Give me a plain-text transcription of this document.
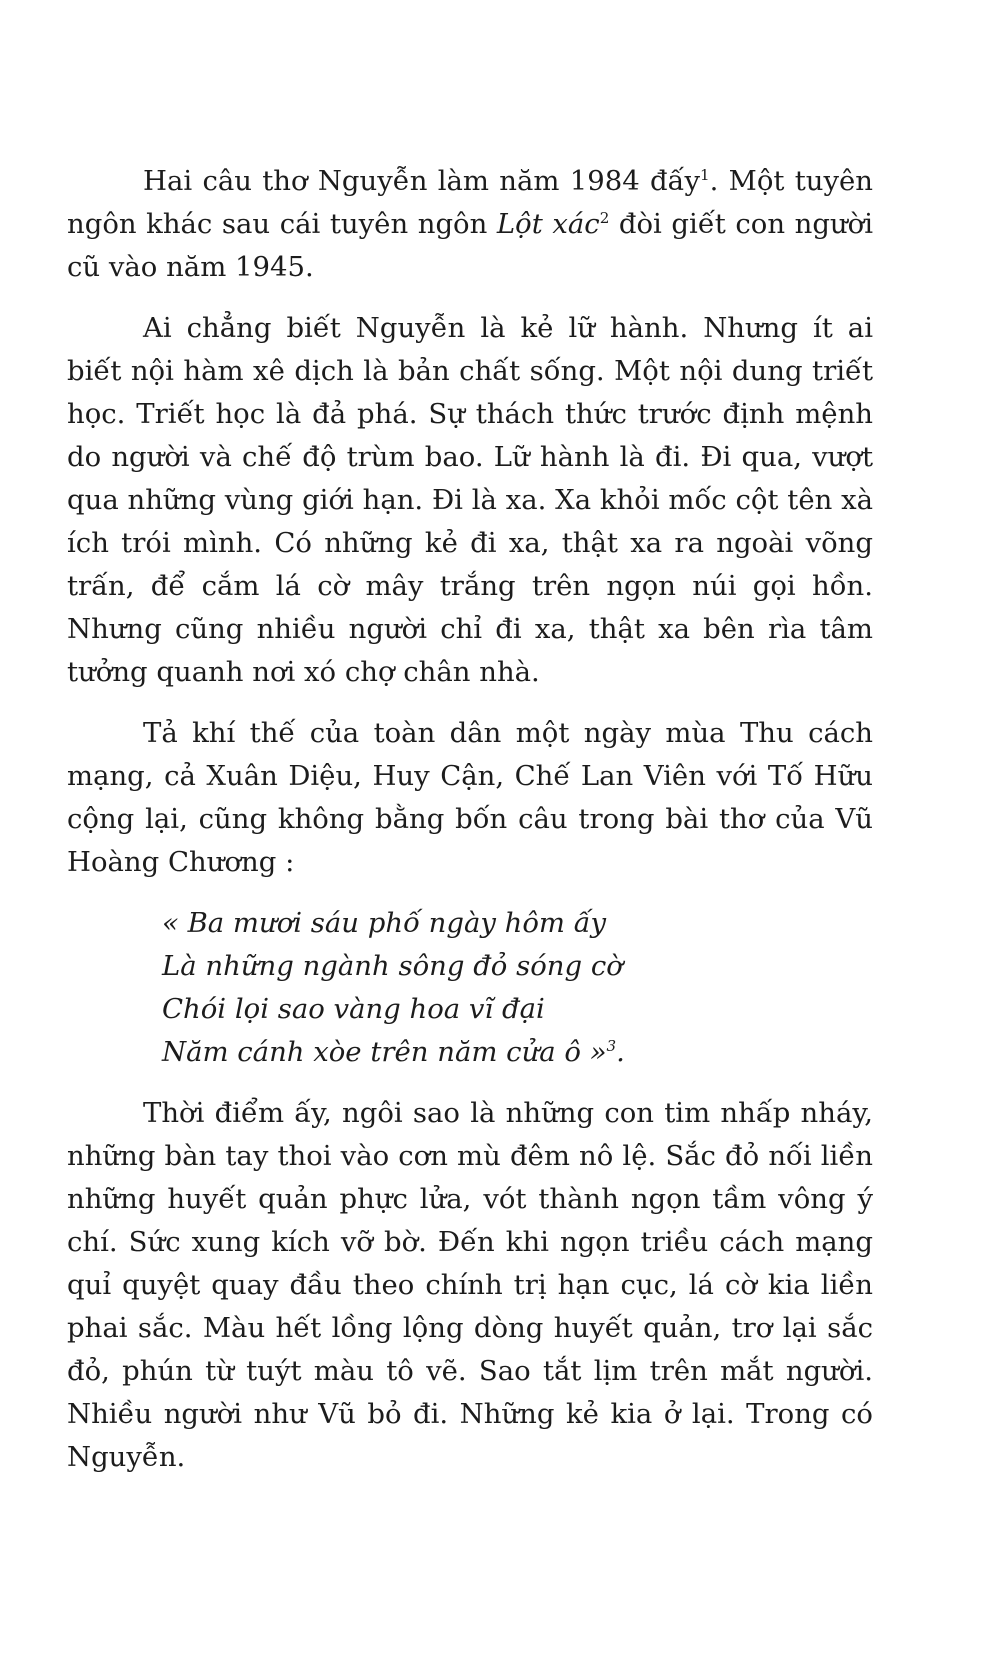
Hai câu thơ Nguyễn làm năm 1984 đấy$^1$. Một tuyên ngôn khác sau cái tuyên ngôn Lột xác$^2$ đòi giết con người cũ vào năm 1945.

Ai chẳng biết Nguyễn là kẻ lữ hành. Nhưng ít ai biết nội hàm xê dịch là bản chất sống. Một nội dung triết học. Triết học là đả phá. Sự thách thức trước định mệnh do người và chế độ trùm bao. Lữ hành là đi. Đi qua, vượt qua những vùng giới hạn. Đi là xa. Xa khỏi mốc cột tên xà ích trói mình. Có những kẻ đi xa, thật xa ra ngoài võng trấn, để cắm lá cờ mây trắng trên ngọn núi gọi hồn. Nhưng cũng nhiều người chỉ đi xa, thật xa bên rìa tâm tưởng quanh nơi xó chợ chân nhà.

Tả khí thế của toàn dân một ngày mùa Thu cách mạng, cả Xuân Diệu, Huy Cận, Chế Lan Viên với Tố Hữu cộng lại, cũng không bằng bốn câu trong bài thơ của Vũ Hoàng Chương :

« Ba mươi sáu phố ngày hôm ấy
Là những ngành sông đỏ sóng cờ
Chói lọi sao vàng hoa vĩ đại
Năm cánh xòe trên năm cửa ô »$^3$.

Thời điểm ấy, ngôi sao là những con tim nhấp nháy, những bàn tay thoi vào cơn mù đêm nô lệ. Sắc đỏ nối liền những huyết quản phực lửa, vót thành ngọn tầm vông ý chí. Sức xung kích vỡ bờ. Đến khi ngọn triều cách mạng quỉ quyệt quay đầu theo chính trị hạn cục, lá cờ kia liền phai sắc. Màu hết lồng lộng dòng huyết quản, trơ lại sắc đỏ, phún từ tuýt màu tô vẽ. Sao tắt lịm trên mắt người. Nhiều người như Vũ bỏ đi. Những kẻ kia ở lại. Trong có Nguyễn.
